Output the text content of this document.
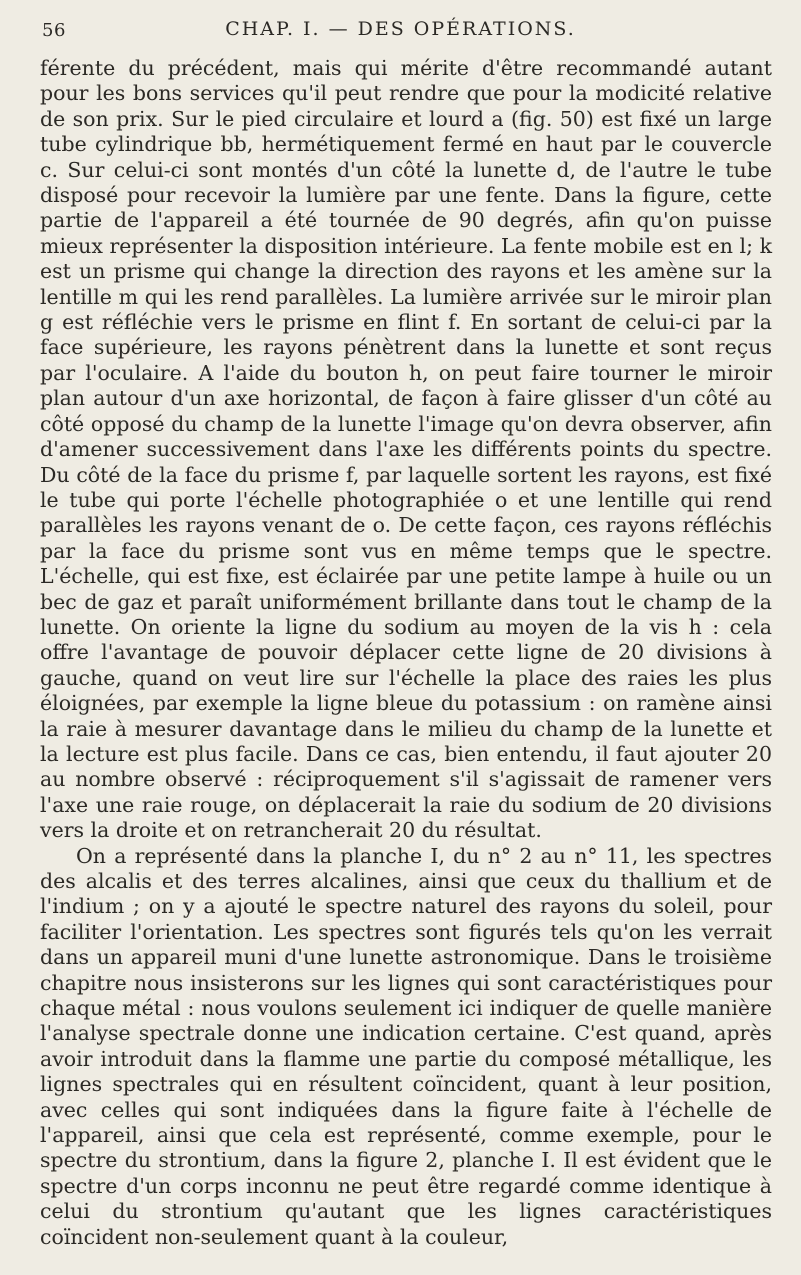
56	CHAP. I. — DES OPÉRATIONS.

férente du précédent, mais qui mérite d'être recommandé autant pour les bons services qu'il peut rendre que pour la modicité relative de son prix. Sur le pied circulaire et lourd a (fig. 50) est fixé un large tube cylindrique bb, hermétiquement fermé en haut par le couvercle c. Sur celui-ci sont montés d'un côté la lunette d, de l'autre le tube disposé pour recevoir la lumière par une fente. Dans la figure, cette partie de l'appareil a été tournée de 90 degrés, afin qu'on puisse mieux représenter la disposition intérieure. La fente mobile est en l; k est un prisme qui change la direction des rayons et les amène sur la lentille m qui les rend parallèles. La lumière arrivée sur le miroir plan g est réfléchie vers le prisme en flint f. En sortant de celui-ci par la face supérieure, les rayons pénètrent dans la lunette et sont reçus par l'oculaire. A l'aide du bouton h, on peut faire tourner le miroir plan autour d'un axe horizontal, de façon à faire glisser d'un côté au côté opposé du champ de la lunette l'image qu'on devra observer, afin d'amener successivement dans l'axe les différents points du spectre. Du côté de la face du prisme f, par laquelle sortent les rayons, est fixé le tube qui porte l'échelle photographiée o et une lentille qui rend parallèles les rayons venant de o. De cette façon, ces rayons réfléchis par la face du prisme sont vus en même temps que le spectre. L'échelle, qui est fixe, est éclairée par une petite lampe à huile ou un bec de gaz et paraît uniformément brillante dans tout le champ de la lunette. On oriente la ligne du sodium au moyen de la vis h : cela offre l'avantage de pouvoir déplacer cette ligne de 20 divisions à gauche, quand on veut lire sur l'échelle la place des raies les plus éloignées, par exemple la ligne bleue du potassium : on ramène ainsi la raie à mesurer davantage dans le milieu du champ de la lunette et la lecture est plus facile. Dans ce cas, bien entendu, il faut ajouter 20 au nombre observé : réciproquement s'il s'agissait de ramener vers l'axe une raie rouge, on déplacerait la raie du sodium de 20 divisions vers la droite et on retrancherait 20 du résultat.

On a représenté dans la planche I, du n° 2 au n° 11, les spectres des alcalis et des terres alcalines, ainsi que ceux du thallium et de l'indium ; on y a ajouté le spectre naturel des rayons du soleil, pour faciliter l'orientation. Les spectres sont figurés tels qu'on les verrait dans un appareil muni d'une lunette astronomique. Dans le troisième chapitre nous insisterons sur les lignes qui sont caractéristiques pour chaque métal : nous voulons seulement ici indiquer de quelle manière l'analyse spectrale donne une indication certaine. C'est quand, après avoir introduit dans la flamme une partie du composé métallique, les lignes spectrales qui en résultent coïncident, quant à leur position, avec celles qui sont indiquées dans la figure faite à l'échelle de l'appareil, ainsi que cela est représenté, comme exemple, pour le spectre du strontium, dans la figure 2, planche I. Il est évident que le spectre d'un corps inconnu ne peut être regardé comme identique à celui du strontium qu'autant que les lignes caractéristiques coïncident non-seulement quant à la couleur,
